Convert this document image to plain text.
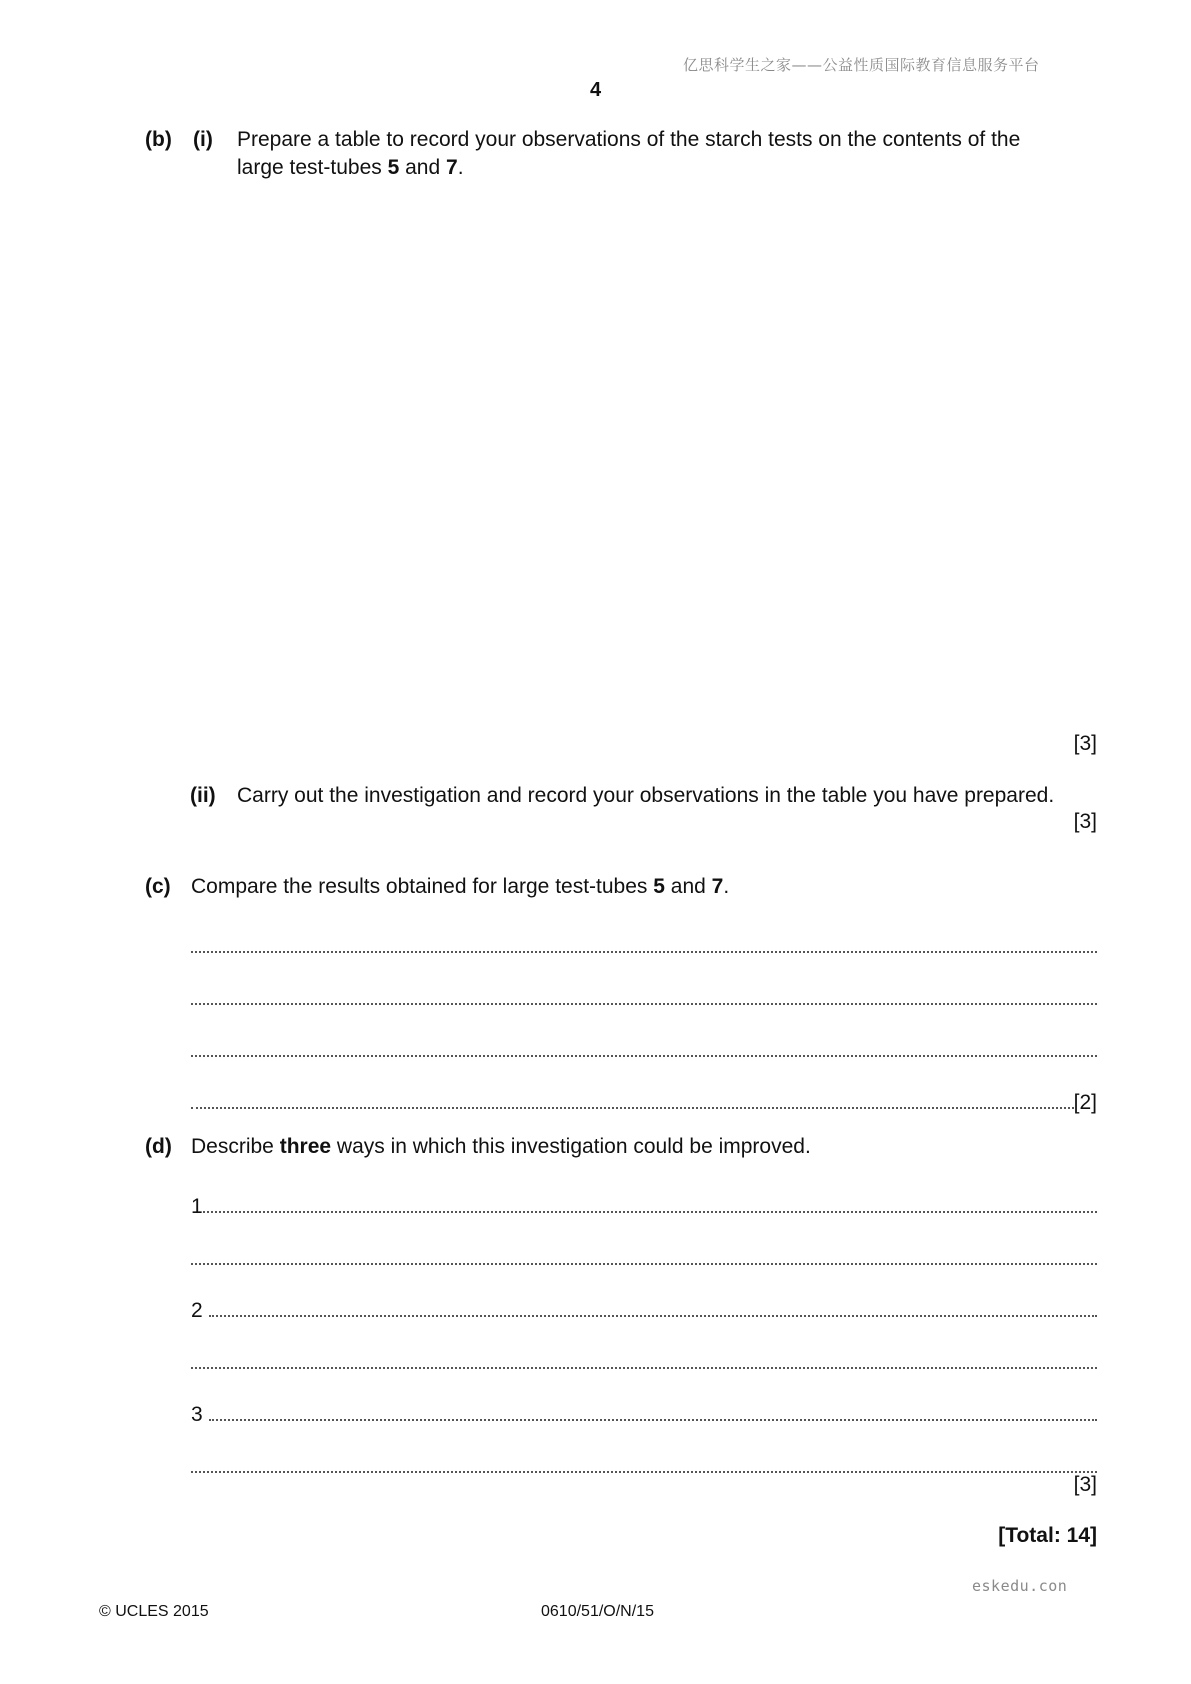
亿思科学生之家——公益性质国际教育信息服务平台
4
(b) (i) Prepare a table to record your observations of the starch tests on the contents of the
large test-tubes 5 and 7.
[3]
(ii) Carry out the investigation and record your observations in the table you have prepared.
[3]
(c) Compare the results obtained for large test-tubes 5 and 7.
[2]
(d) Describe three ways in which this investigation could be improved.
1
2
3
[3]
[Total: 14]
eskedu.con
© UCLES 2015	0610/51/O/N/15
